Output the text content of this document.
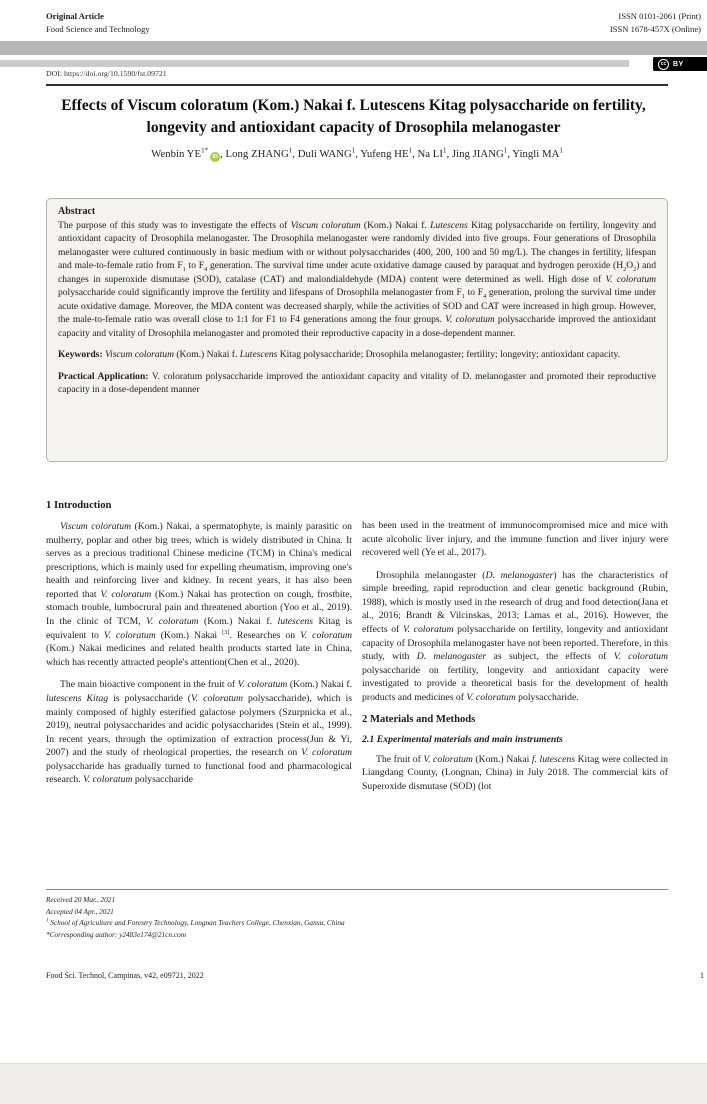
Original Article
Food Science and Technology
ISSN 0101-2061 (Print)
ISSN 1678-457X (Online)
DOI: https://doi.org/10.1590/fst.09721
cc BY
Effects of Viscum coloratum (Kom.) Nakai f. Lutescens Kitag polysaccharide on fertility, longevity and antioxidant capacity of Drosophila melanogaster
Wenbin $YE^{1*}iD$ , Long ZHANG$^1$, Duli WANG$^1$, Yufeng $HE^1$, Na $LI^1$, Jing JIANG$^1$, Yingli $MA^1$
Abstract

The purpose of this study was to investigate the effects of Viscum coloratum (Kom.) Nakai f. Lutescens Kitag polysaccharide on fertility, longevity and antioxidant capacity of Drosophila melanogaster. The Drosophila melanogaster were randomly divided into five groups. Four generations of Drosophila melanogaster were cultured continuously in basic medium with or without polysaccharides (400, 200, 100 and 50 mg/L). The changes in fertility, lifespan and male-to-female ratio from $F_1$ to $F_4$ generation. The survival time under acute oxidative damage caused by paraquat and hydrogen peroxide $(H_2O_2)$ and changes in superoxide dismutase (SOD), catalase (CAT) and malondialdehyde (MDA) content were determined as well. High dose of V. coloratum polysaccharide could significantly improve the fertility and lifespans of Drosophila melanogaster from $F_1$ to $F_4$ generation, prolong the survival time under acute oxidative damage. Moreover, the MDA content was decreased sharply, while the activities of SOD and CAT were increased in high group. However, the male-to-female ratio was overall close to 1:1 for F1 to F4 generations among the four groups. V. coloratum polysaccharide improved the antioxidant capacity and vitality of Drosophila melanogaster and promoted their reproductive capacity in a dose-dependent manner.

Keywords: Viscum coloratum (Kom.) Nakai f. Lutescens Kitag polysaccharide; Drosophila melanogaster; fertility; longevity; antioxidant capacity.

Practical Application: V. coloratum polysaccharide improved the antioxidant capacity and vitality of D. melanogaster and promoted their reproductive capacity in a dose-dependent manner

1 Introduction

Viscum coloratum (Kom.) Nakai, a spermatophyte, is mainly parasitic on mulberry, poplar and other big trees, which is widely distributed in China. It serves as a precious traditional Chinese medicine (TCM) in China's medical prescriptions, which is mainly used for expelling rheumatism, improving one's health and reinforcing liver and kidney. In recent years, it has also been reported that V. coloratum (Kom.) Nakai has protection on cough, frostbite, stomach trouble, lumbocrural pain and threatened abortion (Yoo et al., 2019). In the clinic of TCM, V. coloratum (Kom.) Nakai f. lutescens Kitag is equivalent to V. coloratum (Kom.) Nakai [3]. Researches on V. coloratum (Kom.) Nakai medicines and related health products started late in China, which has recently attracted people's attention(Chen et al., 2020).

The main bioactive component in the fruit of V. coloratum (Kom.) Nakai f. lutescens Kitag is polysaccharide (V. coloratum polysaccharide), which is mainly composed of highly esterified galactose polymers (Szurpnicka et al., 2019), neutral polysaccharides and acidic polysaccharides (Stein et al., 1999). In recent years, through the optimization of extraction process(Jun & Yi, 2007) and the study of rheological properties, the research on V. coloratum polysaccharide has gradually turned to functional food and pharmacological research. V. coloratum polysaccharide

has been used in the treatment of immunocompromised mice and mice with acute alcoholic liver injury, and the immune function and liver injury were recovered well (Ye et al., 2017).

Drosophila melanogaster (D. melanogaster) has the characteristics of simple breeding, rapid reproduction and clear genetic background (Rubin, 1988), which is mostly used in the research of drug and food detection(Jana et al., 2016; Brandt & Vilcinskas, 2013; Lamas et al., 2016). However, the effects of V. coloratum polysaccharide on fertility, longevity and antioxidant capacity of Drosophila melanogaster have not been reported. Therefore, in this study, with D. melanogaster as subject, the effects of V. coloratum polysaccharide on fertility, longevity and antioxidant capacity were investigated to provide a theoretical basis for the development of health products and medicines of V. coloratum polysaccharide.

2 Materials and Methods
2.1 Experimental materials and main instruments

The fruit of V. coloratum (Kom.) Nakai f. lutescens Kitag were collected in Liangdang County, (Longnan, China) in July 2018. The commercial kits of Superoxide dismutase (SOD) (lot

Received 20 Mar., 2021
Accepted 04 Apr., 2021
$^1$ School of Agriculture and Forestry Technology, Longnan Teachers College, Chenxian, Gansu, China
*Corresponding author: y2483e174@21cn.com
Food Sci. Technol, Campinas, v42, e09721, 2022	1
